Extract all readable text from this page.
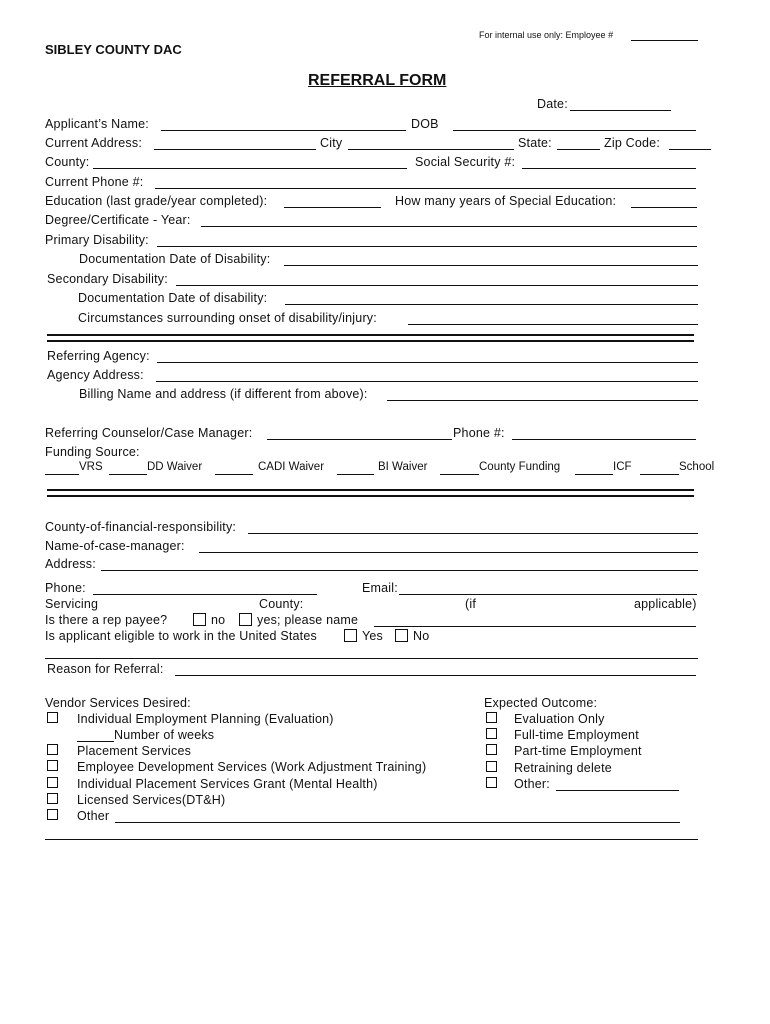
For internal use only: Employee #
SIBLEY COUNTY DAC
REFERRAL FORM
Date:
Applicant’s Name:	DOB
Current Address:	City	State:	Zip Code:
County:	Social Security #:
Current Phone #:
Education (last grade/year completed):	How many years of Special Education:
Degree/Certificate - Year:
Primary Disability:
Documentation Date of Disability:
Secondary Disability:
Documentation Date of disability:
Circumstances surrounding onset of disability/injury:
Referring Agency:
Agency Address:
Billing Name and address (if different from above):
Referring Counselor/Case Manager:	Phone #:
Funding Source:
VRS	DD Waiver	CADI Waiver	BI Waiver	County Funding	ICF	School
County-of-financial-responsibility:
Name-of-case-manager:
Address:
Phone:	Email:
Servicing	County:	(if	applicable)
Is there a rep payee?	no	yes; please name
Is applicant eligible to work in the United States	Yes No
Reason for Referral:
Vendor Services Desired:
Individual Employment Planning (Evaluation)
Number of weeks
Placement Services
Employee Development Services (Work Adjustment Training)
Individual Placement Services Grant (Mental Health)
Licensed Services(DT&H)
Other
Expected Outcome:
Evaluation Only
Full-time Employment
Part-time Employment
Retraining delete
Other:
